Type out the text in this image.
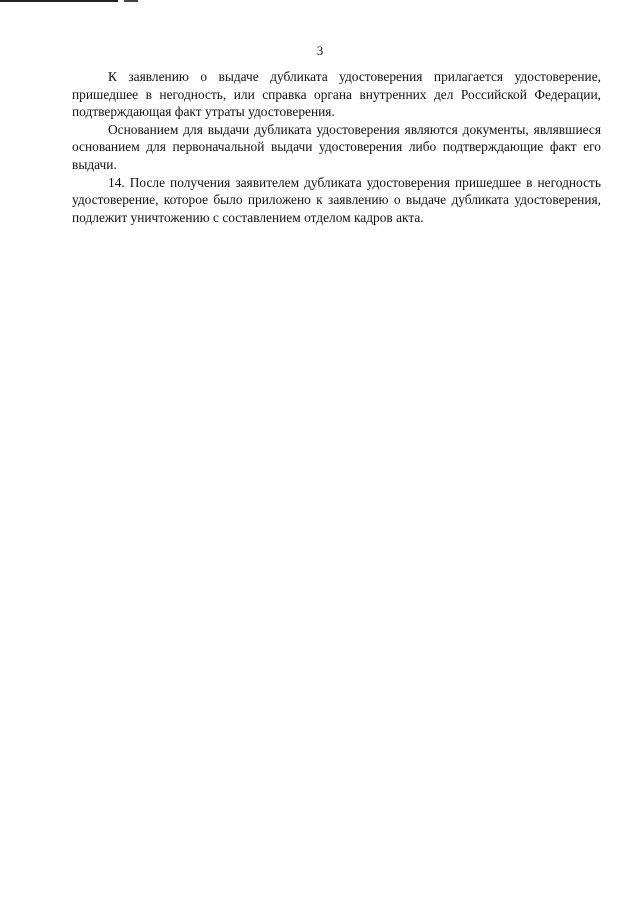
3

К заявлению о выдаче дубликата удостоверения прилагается удостоверение, пришедшее в негодность, или справка органа внутренних дел Российской Федерации, подтверждающая факт утраты удостоверения.

Основанием для выдачи дубликата удостоверения являются документы, являвшиеся основанием для первоначальной выдачи удостоверения либо подтверждающие факт его выдачи.

14. После получения заявителем дубликата удостоверения пришедшее в негодность удостоверение, которое было приложено к заявлению о выдаче дубликата удостоверения, подлежит уничтожению с составлением отделом кадров акта.
